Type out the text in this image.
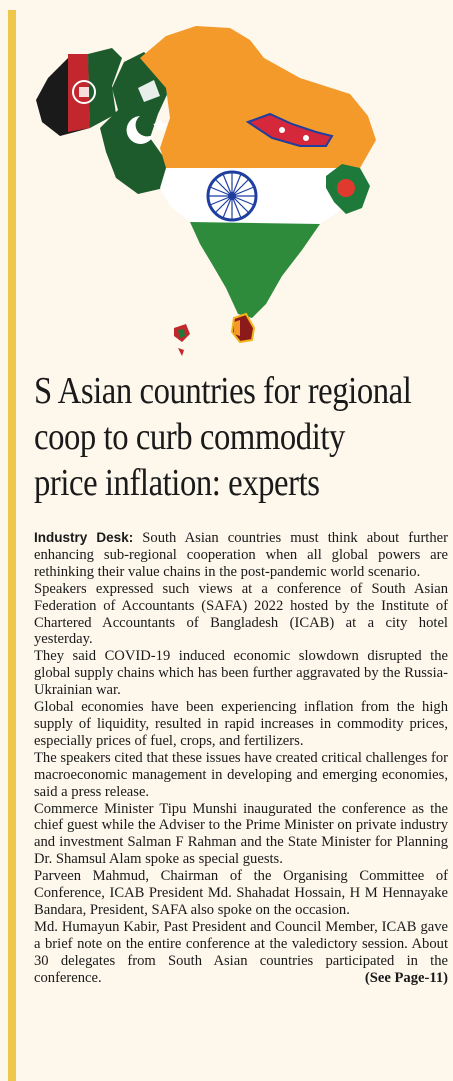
S Asian countries for regional
coop to curb commodity
price inflation: experts

Industry Desk: South Asian countries must think about further enhancing sub-regional cooperation when all global powers are rethinking their value chains in the post-pandemic world scenario.

Speakers expressed such views at a conference of South Asian Federation of Accountants (SAFA) 2022 hosted by the Institute of Chartered Accountants of Bangladesh (ICAB) at a city hotel yesterday.

They said COVID-19 induced economic slowdown disrupted the global supply chains which has been further aggravated by the Russia-Ukrainian war.

Global economies have been experiencing inflation from the high supply of liquidity, resulted in rapid increases in commodity prices, especially prices of fuel, crops, and fertilizers.

The speakers cited that these issues have created critical challenges for macroeconomic management in developing and emerging economies, said a press release.

Commerce Minister Tipu Munshi inaugurated the conference as the chief guest while the Adviser to the Prime Minister on private industry and investment Salman F Rahman and the State Minister for Planning Dr. Shamsul Alam spoke as special guests.

Parveen Mahmud, Chairman of the Organising Committee of Conference, ICAB President Md. Shahadat Hossain, H M Hennayake Bandara, President, SAFA also spoke on the occasion.

Md. Humayun Kabir, Past President and Council Member, ICAB gave a brief note on the entire conference at the valedictory session. About 30 delegates from South Asian countries participated in the conference.	(See Page-11)
